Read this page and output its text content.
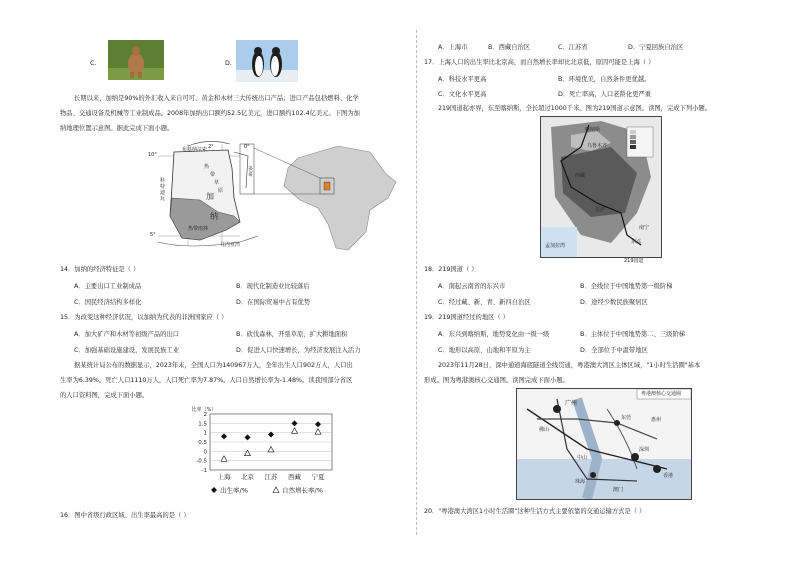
C.	D.
长期以来，加纳是90%的外汇收入来自可可、黄金和木材三大传统出口产品；进口产品包括燃料、化学
物品、交通设备及机械等工业制成品。2008年加纳出口额约52.5亿美元，进口额约102.4亿美元。下图为加
纳地理位置示意图。据此完成下面小题。
2°	0°
10°
5°
布基纳法索
热
带
草
原
加
纳
科特迪瓦
多哥
几内亚湾
热带雨林
14．加纳的经济特征是（ ）
A．主要出口工业制成品	B．现代化制造业比较落后
C．国民经济结构多样化	D．在国际贸易中占有优势
15．为改变这种经济状况，以加纳为代表的非洲国家应（ ）
A．加大矿产和木材等初级产品的出口	B．砍伐森林，开垦草原，扩大耕地面积
C．加强基础设施建设，发展民族工业	D．促进人口快速增长，为经济发展注入活力
据某统计局公布的数据显示，2023年末，全国人口为140967万人，全年出生人口902万人，人口出
生率为6.39%。死亡人口1110万人，人口死亡率为7.87%。人口自然增长率为-1.48%。读我国部分省区
的人口资料图，完成下面小题。
比率（%）
2
1.5
1
0.5
0
-0.5
-1
上海 北京 江苏 西藏 宁夏
出生率/%	自然增长率/%
16．图中省级行政区域、出生率最高的是（ ）
A．上海市	B．西藏自治区	C．江苏省	D．宁夏回族自治区
17．上海人口的出生率比北京高，而自然增长率却比北京低，原因可能是上海（ ）
A．科技水平更高	B．环境优美，自然条件更优越。
C．文化水平更高	D．死亡率高，人口老龄化更严重
219国道起亦界，东至喀纳斯，全长超过1000千米。图为219国道示意图。读图，完成下列小题。
喀纳斯
乌鲁木齐
西藏
拉萨
孟加拉湾
东兴
南宁
219国道
18．219国道（ ）
A．南起云南省的东兴市	B．全线位于中国地势第一级阶梯
C．经过藏、新、青、新四自治区	D．途经少数民族聚居区
19．219国道经过的地区（ ）
A．东兴到喀纳斯，地势变化由一级一级	B．主体位于中国地势第二、三级阶梯
C．地形以高原、山地和平原为主	D．全部位于中温带地区
2023年11月28日，深中通道海底隧道全线贯通，粤港澳大湾区主体区域，"1小时生活圈"基本
形成。图为粤港澳核心交通图。读图完成下面小题。
粤港澳核心交通圈
广州
东莞	惠州
佛山
中山
深圳
珠海
香港
澳门
20．"粤港澳大湾区1小时生活圈"这种生活方式主要依靠的交通运输方式是（ ）
